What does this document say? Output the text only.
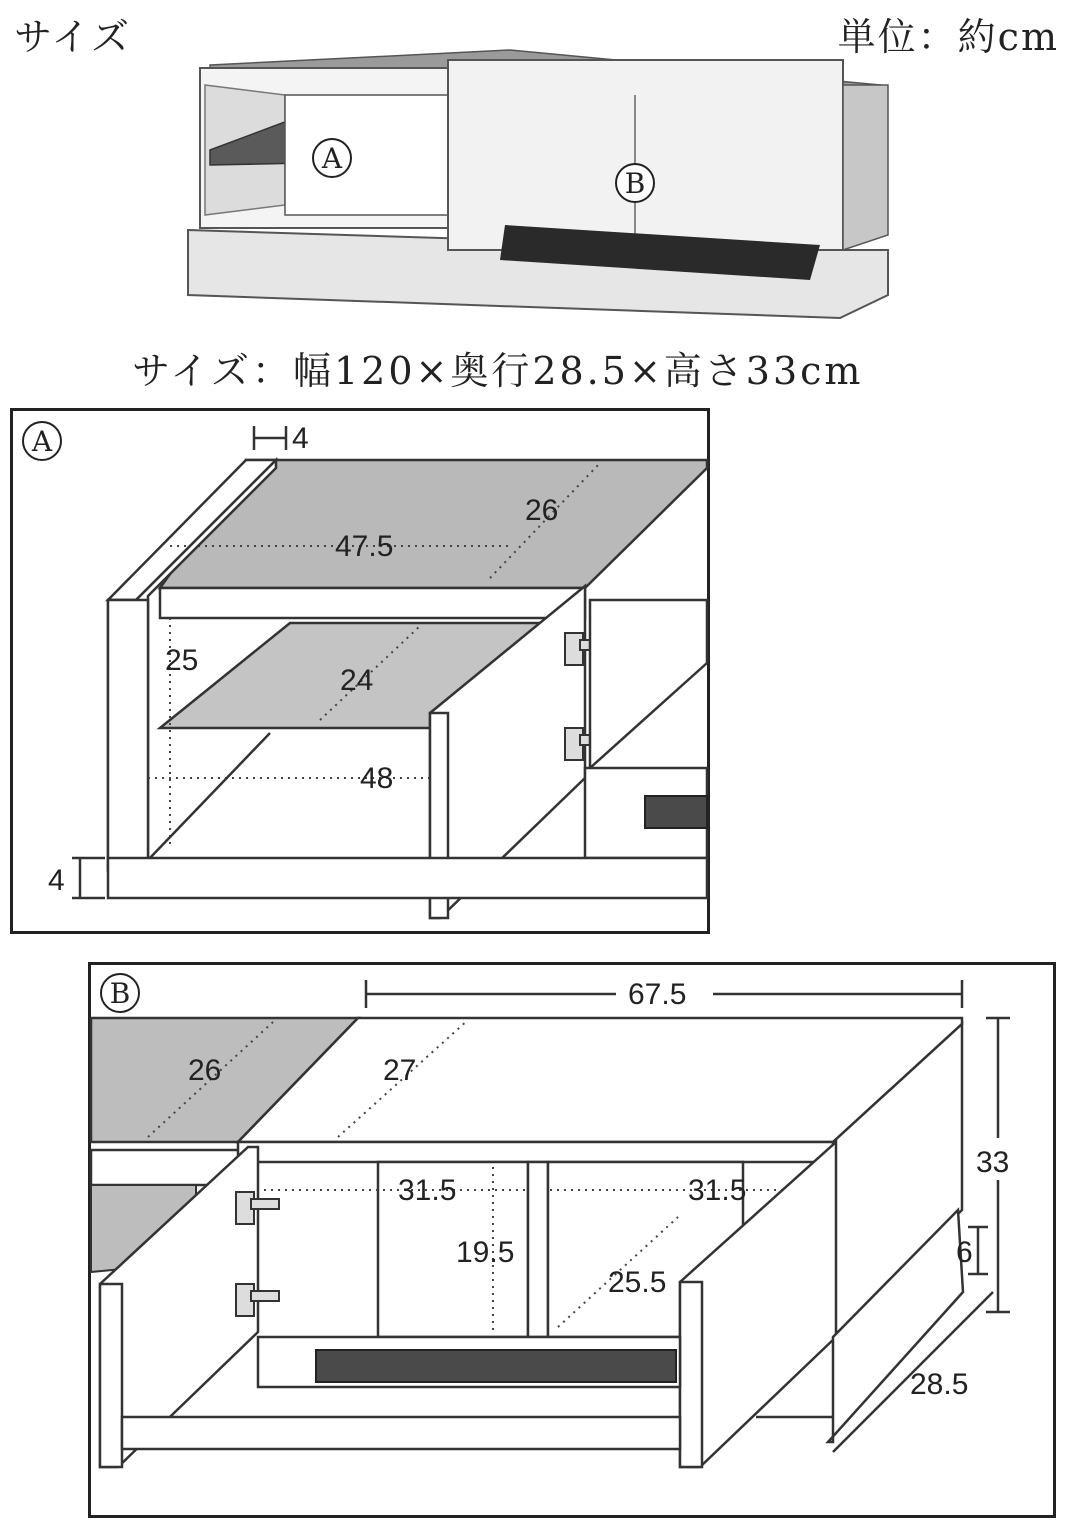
サイズ	単位：約cm
A
B
サイズ：幅120×奥行28.5×高さ33cm
A	4
26
47.5
25
24
48
4
B	67.5
26	27
33
31.5	31.5
19.5
25.5
6
28.5
